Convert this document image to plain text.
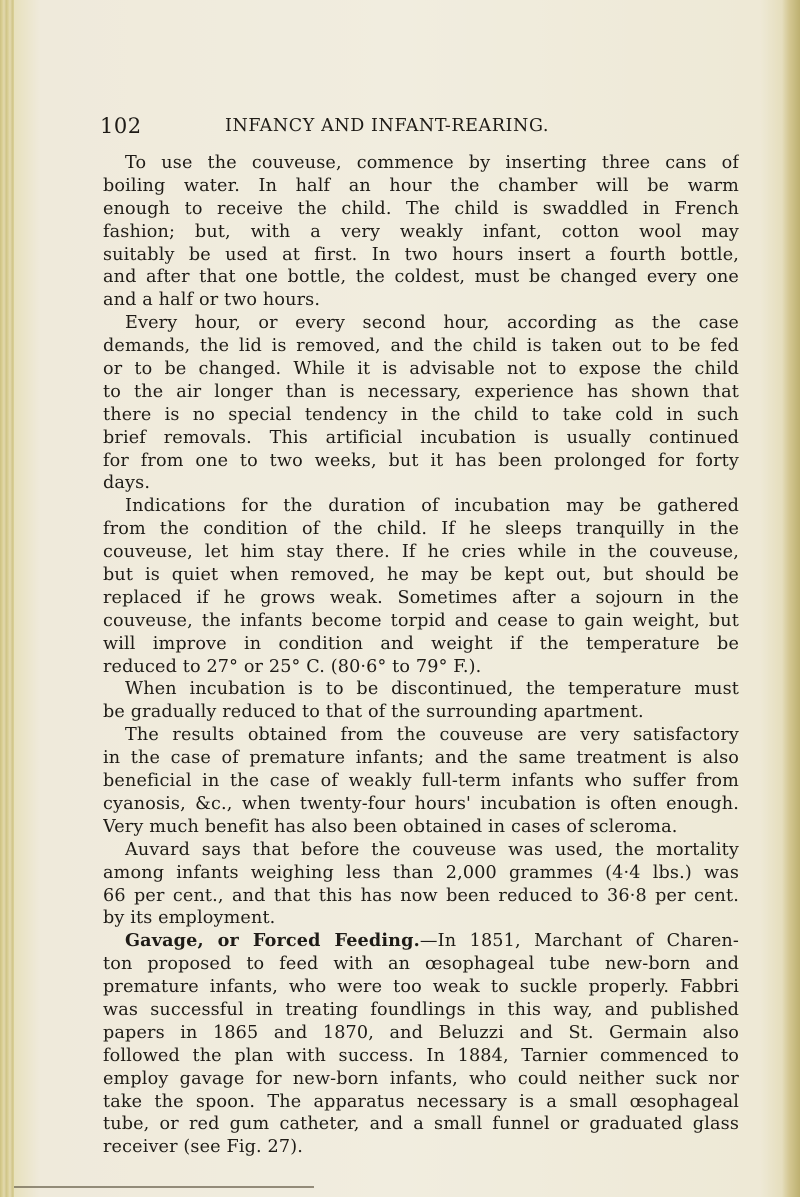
102	INFANCY AND INFANT-REARING.
To use the couveuse, commence by inserting three cans of
boiling water. In half an hour the chamber will be warm
enough to receive the child. The child is swaddled in French
fashion; but, with a very weakly infant, cotton wool may
suitably be used at first. In two hours insert a fourth bottle,
and after that one bottle, the coldest, must be changed every one
and a half or two hours.
Every hour, or every second hour, according as the case
demands, the lid is removed, and the child is taken out to be fed
or to be changed. While it is advisable not to expose the child
to the air longer than is necessary, experience has shown that
there is no special tendency in the child to take cold in such
brief removals. This artificial incubation is usually continued
for from one to two weeks, but it has been prolonged for forty
days.
Indications for the duration of incubation may be gathered
from the condition of the child. If he sleeps tranquilly in the
couveuse, let him stay there. If he cries while in the couveuse,
but is quiet when removed, he may be kept out, but should be
replaced if he grows weak. Sometimes after a sojourn in the
couveuse, the infants become torpid and cease to gain weight, but
will improve in condition and weight if the temperature be
reduced to 27° or 25° C. (80·6° to 79° F.).
When incubation is to be discontinued, the temperature must
be gradually reduced to that of the surrounding apartment.
The results obtained from the couveuse are very satisfactory
in the case of premature infants; and the same treatment is also
beneficial in the case of weakly full-term infants who suffer from
cyanosis, &c., when twenty-four hours' incubation is often enough.
Very much benefit has also been obtained in cases of scleroma.
Auvard says that before the couveuse was used, the mortality
among infants weighing less than 2,000 grammes (4·4 lbs.) was
66 per cent., and that this has now been reduced to 36·8 per cent.
by its employment.
Gavage, or Forced Feeding.—In 1851, Marchant of Charen-
ton proposed to feed with an œsophageal tube new-born and
premature infants, who were too weak to suckle properly. Fabbri
was successful in treating foundlings in this way, and published
papers in 1865 and 1870, and Beluzzi and St. Germain also
followed the plan with success. In 1884, Tarnier commenced to
employ gavage for new-born infants, who could neither suck nor
take the spoon. The apparatus necessary is a small œsophageal
tube, or red gum catheter, and a small funnel or graduated glass
receiver (see Fig. 27).
